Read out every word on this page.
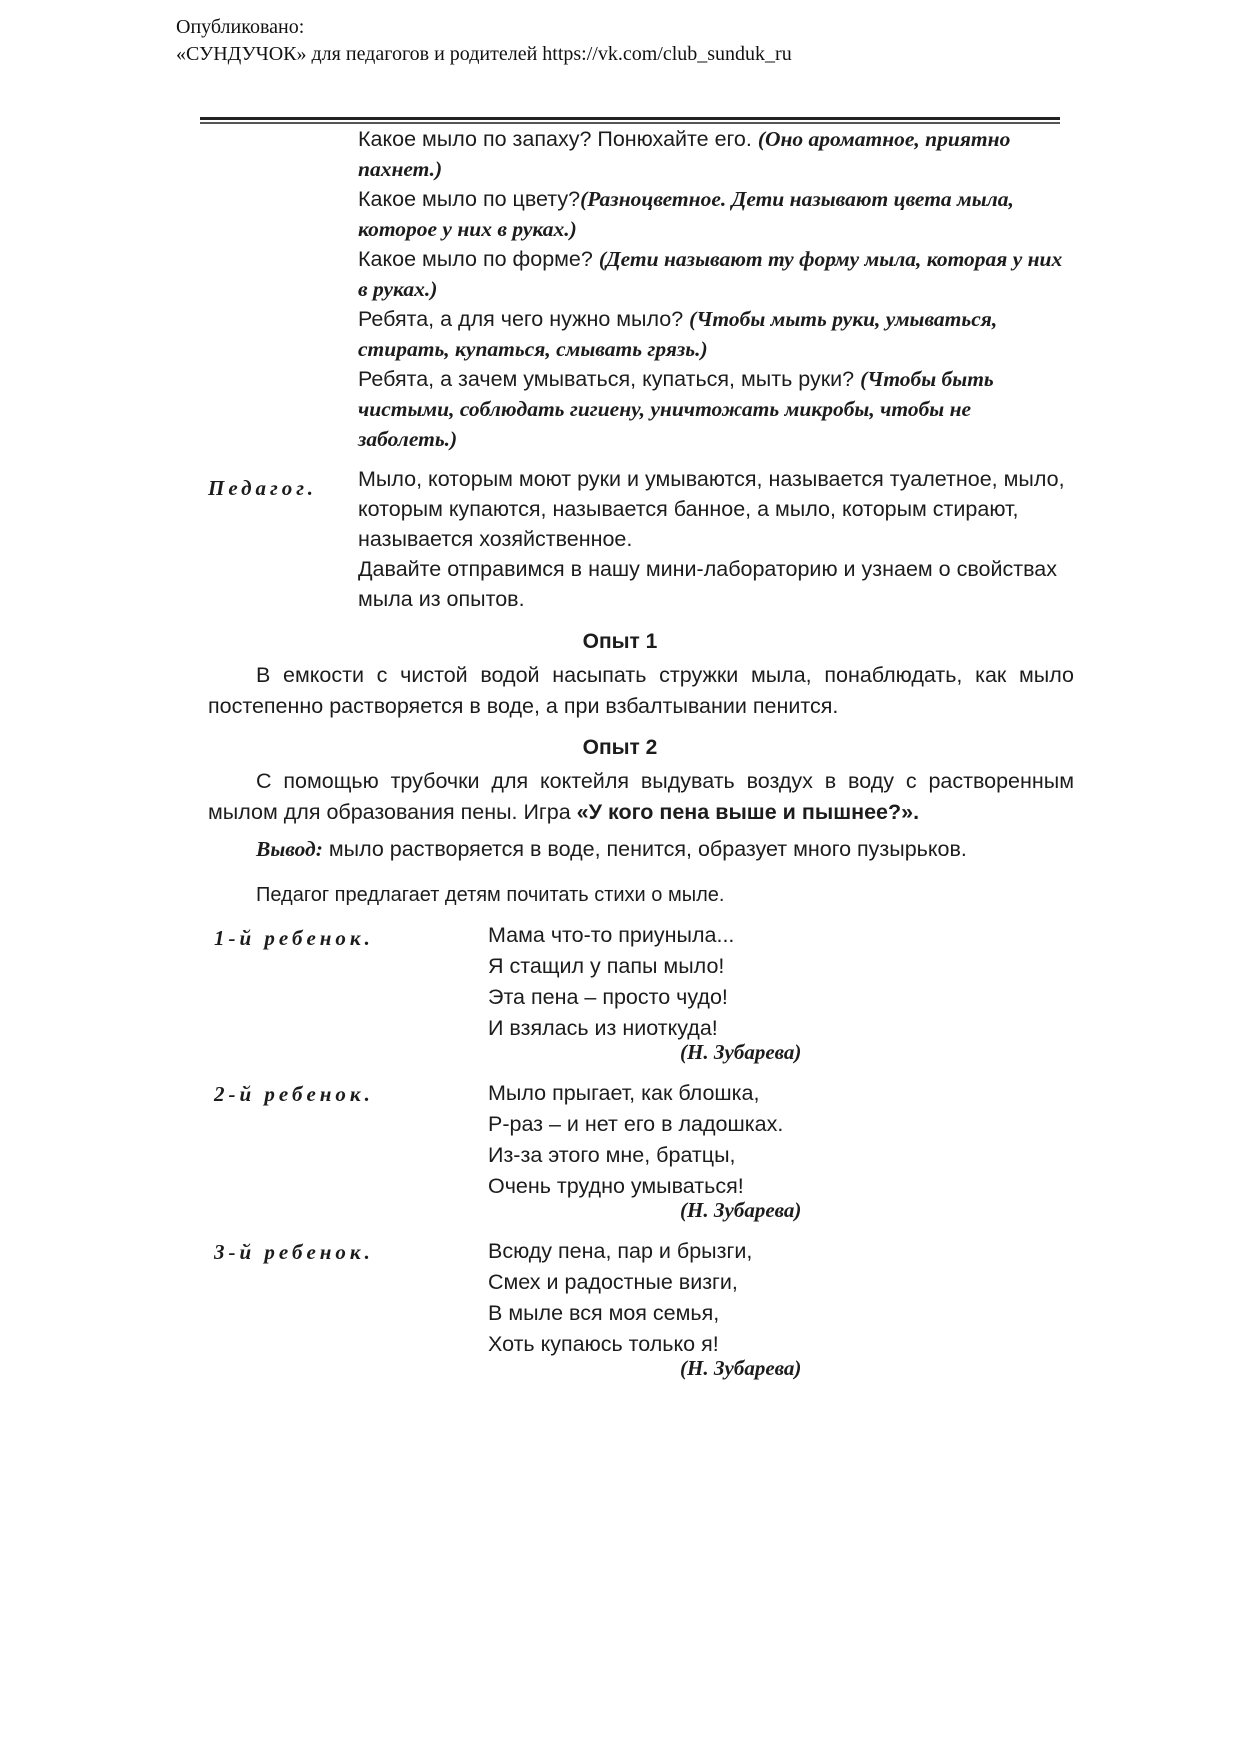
Опубликовано:
«СУНДУЧОК» для педагогов и родителей https://vk.com/club_sunduk_ru

Какое мыло по запаху? Понюхайте его. (Оно ароматное, приятно пахнет.)
Какое мыло по цвету?(Разноцветное. Дети называют цвета мыла, которое у них в руках.)
Какое мыло по форме? (Дети называют ту форму мыла, которая у них в руках.)
Ребята, а для чего нужно мыло? (Чтобы мыть руки, умываться, стирать, купаться, смывать грязь.)
Ребята, а зачем умываться, купаться, мыть руки? (Чтобы быть чистыми, соблюдать гигиену, уничтожать микробы, чтобы не заболеть.)

Педагог. Мыло, которым моют руки и умываются, называется туалетное, мыло, которым купаются, называется банное, а мыло, которым стирают, называется хозяйственное.
Давайте отправимся в нашу мини-лабораторию и узнаем о свойствах мыла из опытов.

Опыт 1

В емкости с чистой водой насыпать стружки мыла, понаблюдать, как мыло постепенно растворяется в воде, а при взбалтывании пенится.

Опыт 2

С помощью трубочки для коктейля выдувать воздух в воду с растворенным мылом для образования пены. Игра «У кого пена выше и пышнее?».

Вывод: мыло растворяется в воде, пенится, образует много пузырьков.

Педагог предлагает детям почитать стихи о мыле.

1-й ребенок.	Мама что-то приуныла...
Я стащил у папы мыло!
Эта пена – просто чудо!
И взялась из ниоткуда!

(Н. Зубарева)
2-й ребенок.	Мыло прыгает, как блошка,
Р-раз – и нет его в ладошках.
Из-за этого мне, братцы,
Очень трудно умываться!

(Н. Зубарева)
3-й ребенок.	Всюду пена, пар и брызги,
Смех и радостные визги,
В мыле вся моя семья,
Хоть купаюсь только я!

(Н. Зубарева)
